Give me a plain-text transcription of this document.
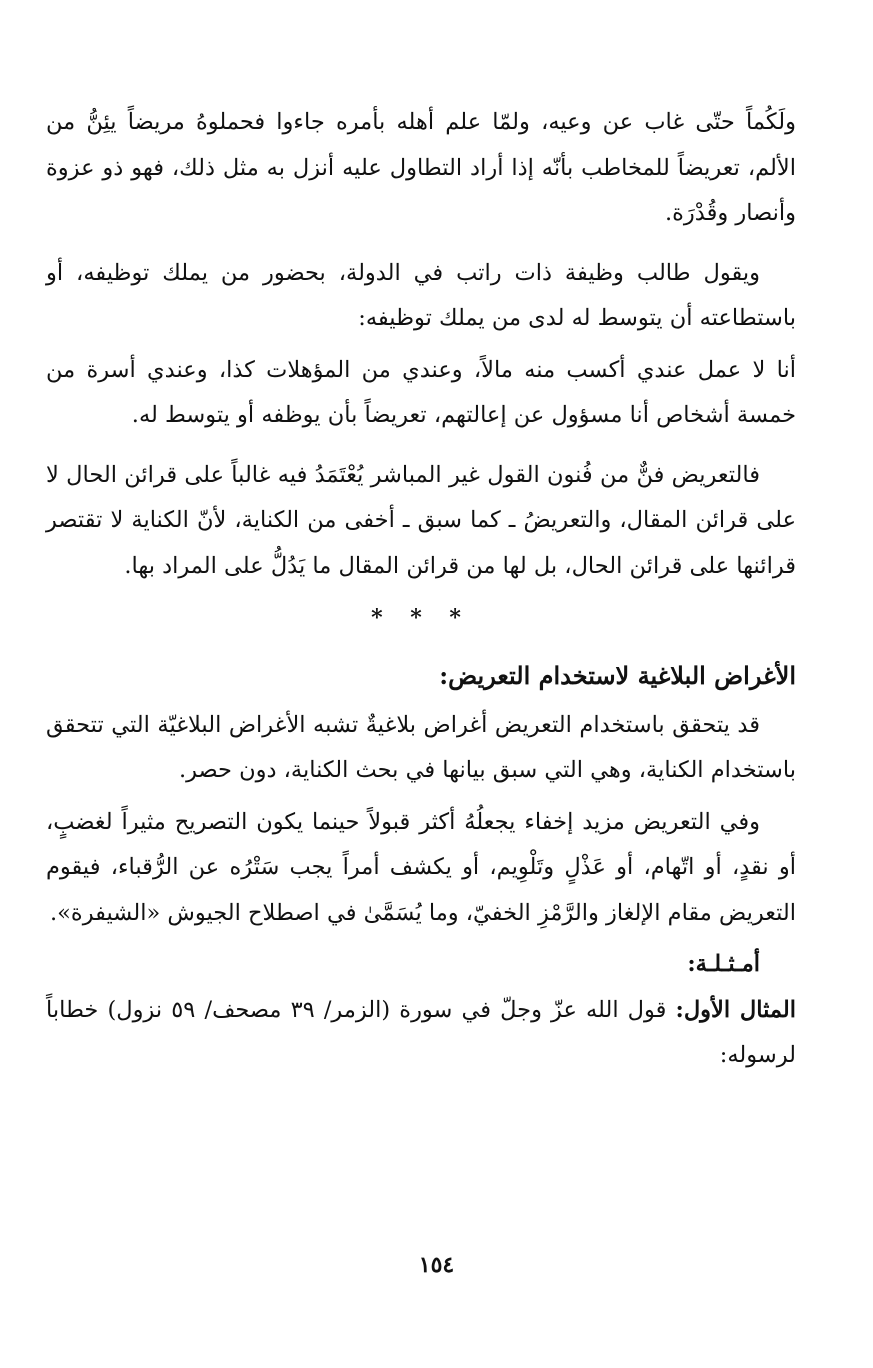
ولَكُماً حتّى غاب عن وعيه، ولمّا علم أهله بأمره جاءوا فحملوهُ مريضاً يئِنُّ من الألم، تعريضاً للمخاطب بأنّه إذا أراد التطاول عليه أنزل به مثل ذلك، فهو ذو عزوة وأنصار وقُدْرَة.

ويقول طالب وظيفة ذات راتب في الدولة، بحضور من يملك توظيفه، أو باستطاعته أن يتوسط له لدى من يملك توظيفه:

أنا لا عمل عندي أكسب منه مالاً، وعندي من المؤهلات كذا، وعندي أسرة من خمسة أشخاص أنا مسؤول عن إعالتهم، تعريضاً بأن يوظفه أو يتوسط له.

فالتعريض فنٌّ من فُنون القول غير المباشر يُعْتَمَدُ فيه غالباً على قرائن الحال لا على قرائن المقال، والتعريضُ ـ كما سبق ـ أخفى من الكناية، لأنّ الكناية لا تقتصر قرائنها على قرائن الحال، بل لها من قرائن المقال ما يَدُلُّ على المراد بها.

* * *
الأغراض البلاغية لاستخدام التعريض:

قد يتحقق باستخدام التعريض أغراض بلاغيةٌ تشبه الأغراض البلاغيّة التي تتحقق باستخدام الكناية، وهي التي سبق بيانها في بحث الكناية، دون حصر.

وفي التعريض مزيد إخفاء يجعلُهُ أكثر قبولاً حينما يكون التصريح مثيراً لغضبٍ، أو نقدٍ، أو اتّهام، أو عَذْلٍ وتَلْوِيم، أو يكشف أمراً يجب سَتْرُه عن الرُّقباء، فيقوم التعريض مقام الإلغاز والرَّمْزِ الخفيّ، وما يُسَمَّىٰ في اصطلاح الجيوش «الشيفرة».

أمـثـلـة:

المثال الأول: قول الله عزّ وجلّ في سورة (الزمر/ ٣٩ مصحف/ ٥٩ نزول) خطاباً لرسوله:

١٥٤
